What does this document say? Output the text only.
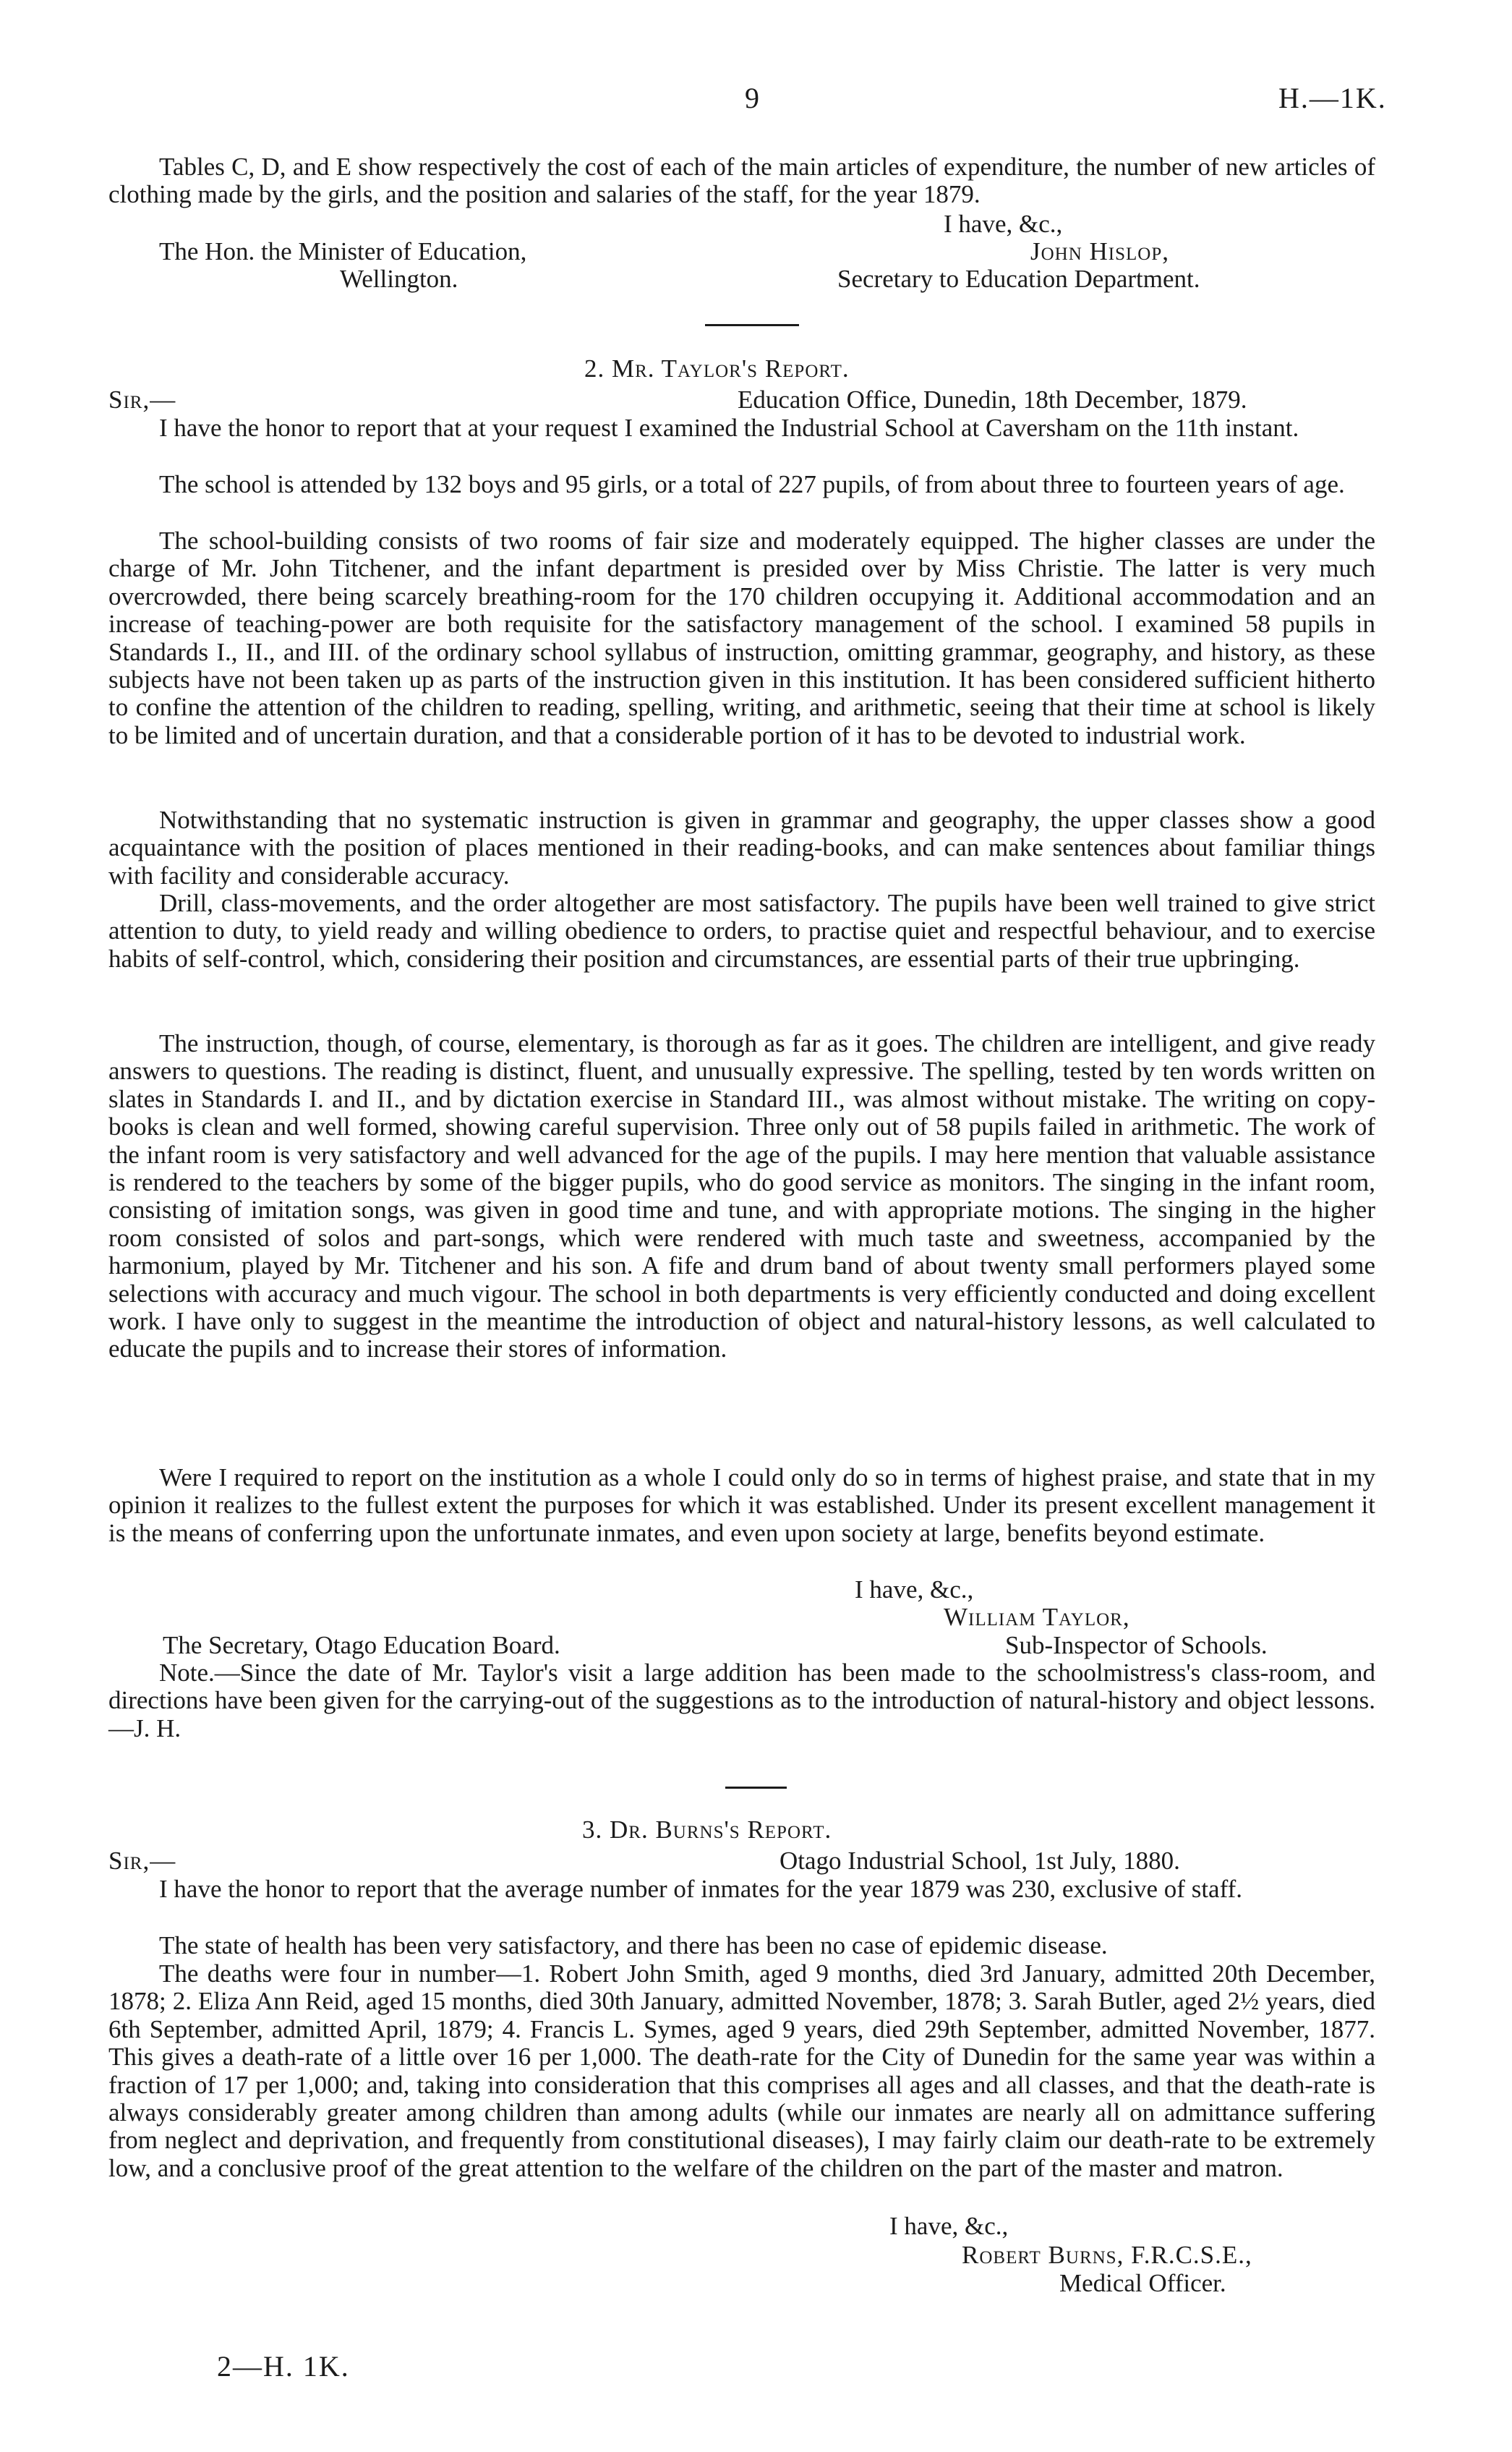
9	H.—1K.
Tables C, D, and E show respectively the cost of each of the main articles of expenditure, the number of new articles of clothing made by the girls, and the position and salaries of the staff, for the year 1879.
I have, &c.,
The Hon. the Minister of Education,	John Hislop,
Wellington.	Secretary to Education Department.
2. Mr. Taylor's Report.
Sir,—	Education Office, Dunedin, 18th December, 1879.
I have the honor to report that at your request I examined the Industrial School at Caversham on the 11th instant.
The school is attended by 132 boys and 95 girls, or a total of 227 pupils, of from about three to fourteen years of age.
The school-building consists of two rooms of fair size and moderately equipped. The higher classes are under the charge of Mr. John Titchener, and the infant department is presided over by Miss Christie. The latter is very much overcrowded, there being scarcely breathing-room for the 170 children occupying it. Additional accommodation and an increase of teaching-power are both requisite for the satisfactory management of the school. I examined 58 pupils in Standards I., II., and III. of the ordinary school syllabus of instruction, omitting grammar, geography, and history, as these subjects have not been taken up as parts of the instruction given in this institution. It has been considered sufficient hitherto to confine the attention of the children to reading, spelling, writing, and arithmetic, seeing that their time at school is likely to be limited and of uncertain duration, and that a considerable portion of it has to be devoted to industrial work.
Notwithstanding that no systematic instruction is given in grammar and geography, the upper classes show a good acquaintance with the position of places mentioned in their reading-books, and can make sentences about familiar things with facility and considerable accuracy.
Drill, class-movements, and the order altogether are most satisfactory. The pupils have been well trained to give strict attention to duty, to yield ready and willing obedience to orders, to practise quiet and respectful behaviour, and to exercise habits of self-control, which, considering their position and circumstances, are essential parts of their true upbringing.
The instruction, though, of course, elementary, is thorough as far as it goes. The children are intelligent, and give ready answers to questions. The reading is distinct, fluent, and unusually expressive. The spelling, tested by ten words written on slates in Standards I. and II., and by dictation exercise in Standard III., was almost without mistake. The writing on copy-books is clean and well formed, showing careful supervision. Three only out of 58 pupils failed in arithmetic. The work of the infant room is very satisfactory and well advanced for the age of the pupils. I may here mention that valuable assistance is rendered to the teachers by some of the bigger pupils, who do good service as monitors. The singing in the infant room, consisting of imitation songs, was given in good time and tune, and with appropriate motions. The singing in the higher room consisted of solos and part-songs, which were rendered with much taste and sweetness, accompanied by the harmonium, played by Mr. Titchener and his son. A fife and drum band of about twenty small performers played some selections with accuracy and much vigour. The school in both departments is very efficiently conducted and doing excellent work. I have only to suggest in the meantime the introduction of object and natural-history lessons, as well calculated to educate the pupils and to increase their stores of information.
Were I required to report on the institution as a whole I could only do so in terms of highest praise, and state that in my opinion it realizes to the fullest extent the purposes for which it was established. Under its present excellent management it is the means of conferring upon the unfortunate inmates, and even upon society at large, benefits beyond estimate.
I have, &c.,
William Taylor,
The Secretary, Otago Education Board.	Sub-Inspector of Schools.
Note.—Since the date of Mr. Taylor's visit a large addition has been made to the schoolmistress's class-room, and directions have been given for the carrying-out of the suggestions as to the introduction of natural-history and object lessons.—J. H.
3. Dr. Burns's Report.
Sir,—	Otago Industrial School, 1st July, 1880.
I have the honor to report that the average number of inmates for the year 1879 was 230, exclusive of staff.
The state of health has been very satisfactory, and there has been no case of epidemic disease.
The deaths were four in number—1. Robert John Smith, aged 9 months, died 3rd January, admitted 20th December, 1878; 2. Eliza Ann Reid, aged 15 months, died 30th January, admitted November, 1878; 3. Sarah Butler, aged 2½ years, died 6th September, admitted April, 1879; 4. Francis L. Symes, aged 9 years, died 29th September, admitted November, 1877. This gives a death-rate of a little over 16 per 1,000. The death-rate for the City of Dunedin for the same year was within a fraction of 17 per 1,000; and, taking into consideration that this comprises all ages and all classes, and that the death-rate is always considerably greater among children than among adults (while our inmates are nearly all on admittance suffering from neglect and deprivation, and frequently from constitutional diseases), I may fairly claim our death-rate to be extremely low, and a conclusive proof of the great attention to the welfare of the children on the part of the master and matron.
I have, &c.,
Robert Burns, F.R.C.S.E.,
Medical Officer.
2—H. 1K.
